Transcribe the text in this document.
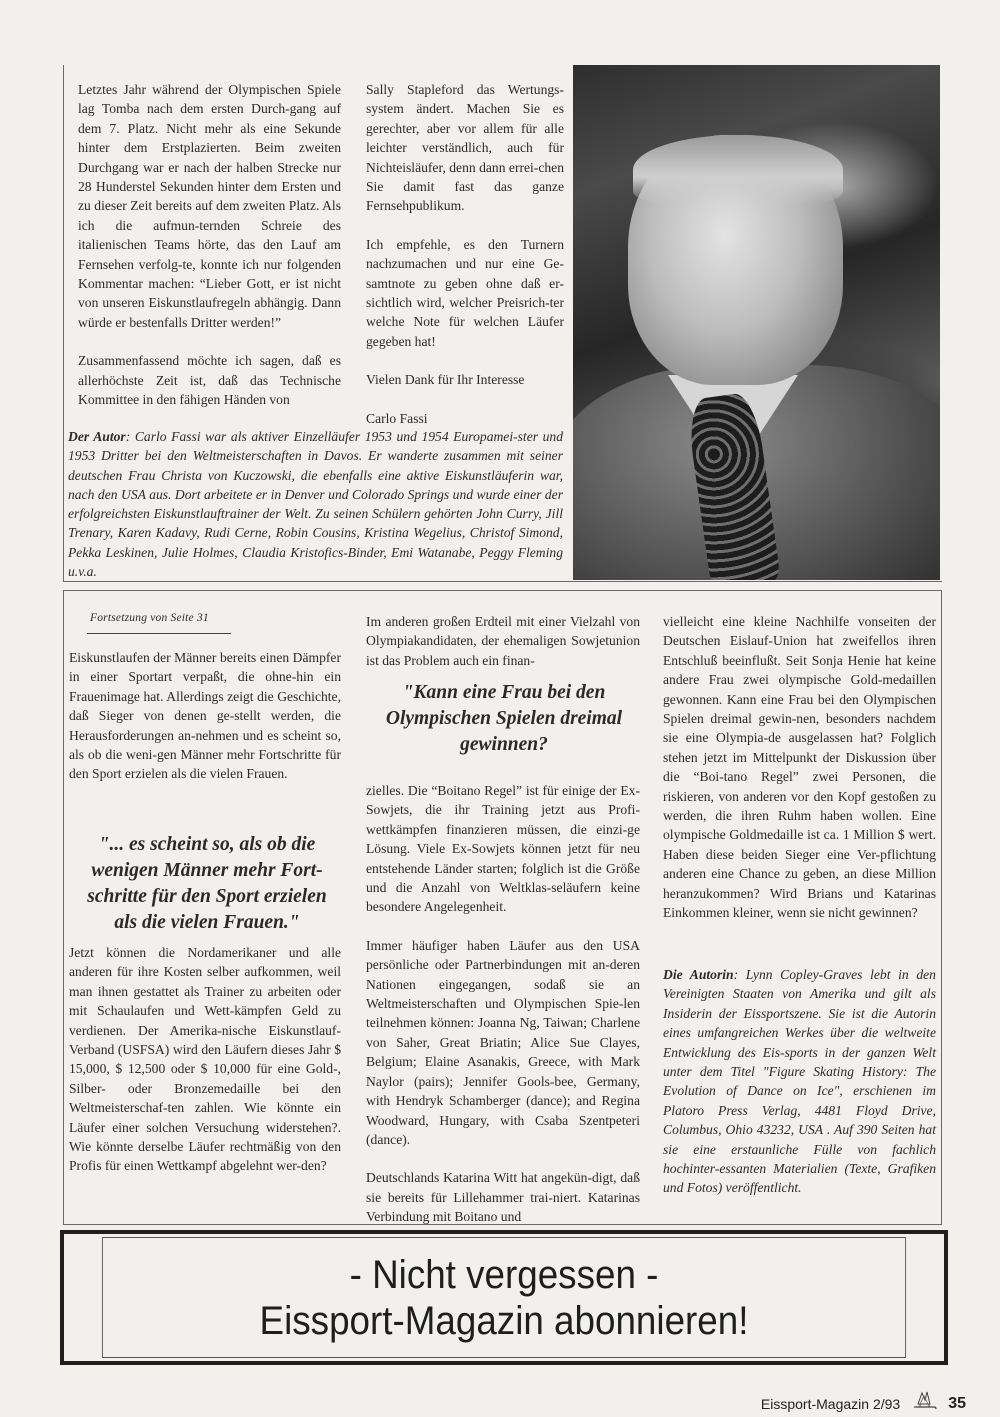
Letztes Jahr während der Olympischen Spiele lag Tomba nach dem ersten Durch-gang auf dem 7. Platz. Nicht mehr als eine Sekunde hinter dem Erstplazierten. Beim zweiten Durchgang war er nach der halben Strecke nur 28 Hunderstel Sekunden hinter dem Ersten und zu dieser Zeit bereits auf dem zweiten Platz. Als ich die aufmun-ternden Schreie des italienischen Teams hörte, das den Lauf am Fernsehen verfolg-te, konnte ich nur folgenden Kommentar machen: “Lieber Gott, er ist nicht von unseren Eiskunstlaufregeln abhängig. Dann würde er bestenfalls Dritter werden!”

Zusammenfassend möchte ich sagen, daß es allerhöchste Zeit ist, daß das Technische Kommittee in den fähigen Händen von

Sally Stapleford das Wertungs-system ändert. Machen Sie es gerechter, aber vor allem für alle leichter verständlich, auch für Nichteisläufer, denn dann errei-chen Sie damit fast das ganze Fernsehpublikum.

Ich empfehle, es den Turnern nachzumachen und nur eine Ge-samtnote zu geben ohne daß er-sichtlich wird, welcher Preisrich-ter welche Note für welchen Läufer gegeben hat!

Vielen Dank für Ihr Interesse

Carlo Fassi

Der Autor: Carlo Fassi war als aktiver Einzelläufer 1953 und 1954 Europamei-ster und 1953 Dritter bei den Weltmeisterschaften in Davos. Er wanderte zusammen mit seiner deutschen Frau Christa von Kuczowski, die ebenfalls eine aktive Eiskunstläuferin war, nach den USA aus. Dort arbeitete er in Denver und Colorado Springs und wurde einer der erfolgreichsten Eiskunstlauftrainer der Welt. Zu seinen Schülern gehörten John Curry, Jill Trenary, Karen Kadavy, Rudi Cerne, Robin Cousins, Kristina Wegelius, Christof Simond, Pekka Leskinen, Julie Holmes, Claudia Kristofics-Binder, Emi Watanabe, Peggy Fleming u.v.a.
Fortsetzung von Seite 31

Eiskunstlaufen der Männer bereits einen Dämpfer in einer Sportart verpaßt, die ohne-hin ein Frauenimage hat. Allerdings zeigt die Geschichte, daß Sieger von denen ge-stellt werden, die Herausforderungen an-nehmen und es scheint so, als ob die weni-gen Männer mehr Fortschritte für den Sport erzielen als die vielen Frauen.

"... es scheint so, als ob die wenigen Männer mehr Fort-schritte für den Sport erzielen als die vielen Frauen."

Jetzt können die Nordamerikaner und alle anderen für ihre Kosten selber aufkommen, weil man ihnen gestattet als Trainer zu arbeiten oder mit Schaulaufen und Wett-kämpfen Geld zu verdienen. Der Amerika-nische Eiskunstlauf-Verband (USFSA) wird den Läufern dieses Jahr $ 15,000, $ 12,500 oder $ 10,000 für eine Gold-, Silber- oder Bronzemedaille bei den Weltmeisterschaf-ten zahlen. Wie könnte ein Läufer einer solchen Versuchung widerstehen?. Wie könnte derselbe Läufer rechtmäßig von den Profis für einen Wettkampf abgelehnt wer-den?

Im anderen großen Erdteil mit einer Vielzahl von Olympiakandidaten, der ehemaligen Sowjetunion ist das Problem auch ein finan-

"Kann eine Frau bei den Olympischen Spielen dreimal gewinnen?

zielles. Die “Boitano Regel” ist für einige der Ex-Sowjets, die ihr Training jetzt aus Profi-wettkämpfen finanzieren müssen, die einzi-ge Lösung. Viele Ex-Sowjets können jetzt für neu entstehende Länder starten; folglich ist die Größe und die Anzahl von Weltklas-seläufern keine besondere Angelegenheit.

Immer häufiger haben Läufer aus den USA persönliche oder Partnerbindungen mit an-deren Nationen eingegangen, sodaß sie an Weltmeisterschaften und Olympischen Spie-len teilnehmen können: Joanna Ng, Taiwan; Charlene von Saher, Great Briatin; Alice Sue Clayes, Belgium; Elaine Asanakis, Greece, with Mark Naylor (pairs); Jennifer Gools-bee, Germany, with Hendryk Schamberger (dance); and Regina Woodward, Hungary, with Csaba Szentpeteri (dance).

Deutschlands Katarina Witt hat angekün-digt, daß sie bereits für Lillehammer trai-niert. Katarinas Verbindung mit Boitano und

vielleicht eine kleine Nachhilfe vonseiten der Deutschen Eislauf-Union hat zweifellos ihren Entschluß beeinflußt. Seit Sonja Henie hat keine andere Frau zwei olympische Gold-medaillen gewonnen. Kann eine Frau bei den Olympischen Spielen dreimal gewin-nen, besonders nachdem sie eine Olympia-de ausgelassen hat? Folglich stehen jetzt im Mittelpunkt der Diskussion über die “Boi-tano Regel” zwei Personen, die riskieren, von anderen vor den Kopf gestoßen zu werden, die ihren Ruhm haben wollen. Eine olympische Goldmedaille ist ca. 1 Million $ wert. Haben diese beiden Sieger eine Ver-pflichtung anderen eine Chance zu geben, an diese Million heranzukommen? Wird Brians und Katarinas Einkommen kleiner, wenn sie nicht gewinnen?

Die Autorin: Lynn Copley-Graves lebt in den Vereinigten Staaten von Amerika und gilt als Insiderin der Eissportszene. Sie ist die Autorin eines umfangreichen Werkes über die weltweite Entwicklung des Eis-sports in der ganzen Welt unter dem Titel "Figure Skating History: The Evolution of Dance on Ice", erschienen im Platoro Press Verlag, 4481 Floyd Drive, Columbus, Ohio 43232, USA . Auf 390 Seiten hat sie eine erstaunliche Fülle von fachlich hochinter-essanten Materialien (Texte, Grafiken und Fotos) veröffentlicht.
- Nicht vergessen -
Eissport-Magazin abonnieren!
Eissport-Magazin 2/93	35
